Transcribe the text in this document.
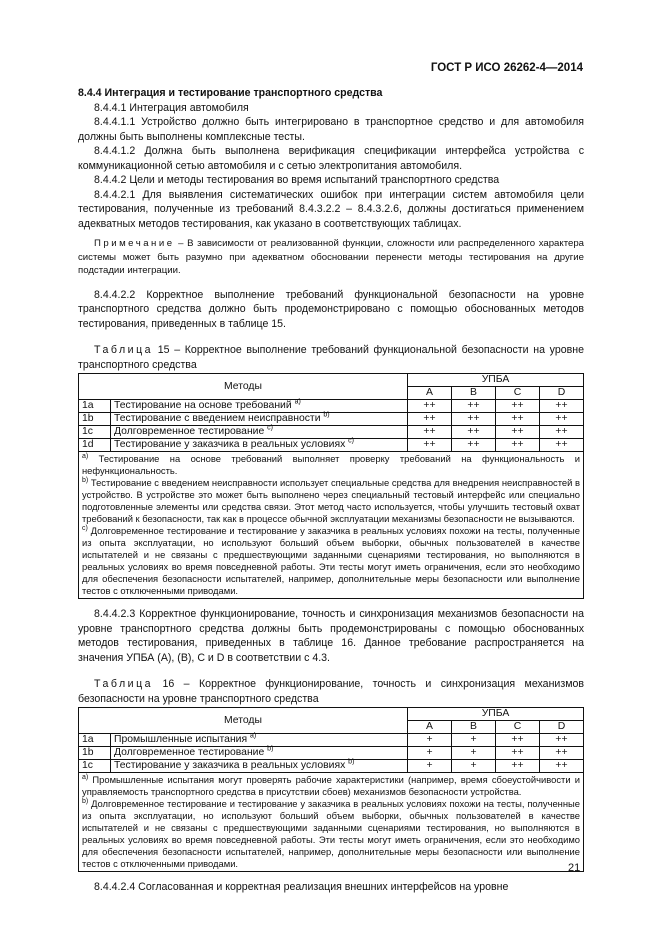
ГОСТ Р ИСО 26262-4—2014

8.4.4 Интеграция и тестирование транспортного средства

8.4.4.1 Интеграция автомобиля

8.4.4.1.1 Устройство должно быть интегрировано в транспортное средство и для автомобиля должны быть выполнены комплексные тесты.

8.4.4.1.2 Должна быть выполнена верификация спецификации интерфейса устройства с коммуникационной сетью автомобиля и с сетью электропитания автомобиля.

8.4.4.2 Цели и методы тестирования во время испытаний транспортного средства

8.4.4.2.1 Для выявления систематических ошибок при интеграции систем автомобиля цели тестирования, полученные из требований 8.4.3.2.2 – 8.4.3.2.6, должны достигаться применением адекватных методов тестирования, как указано в соответствующих таблицах.

Примечание – В зависимости от реализованной функции, сложности или распределенного характера системы может быть разумно при адекватном обосновании перенести методы тестирования на другие подстадии интеграции.

8.4.4.2.2 Корректное выполнение требований функциональной безопасности на уровне транспортного средства должно быть продемонстрировано с помощью обоснованных методов тестирования, приведенных в таблице 15.

Таблица 15 – Корректное выполнение требований функциональной безопасности на уровне транспортного средства

Методы		УПБА			
		A	B	C	D
1a	Тестирование на основе требований $^{a)}$	++	++	++	++
1b	Тестирование с введением неисправности $^{b)}$	++	++	++	++
1c	Долговременное тестирование $^{c)}$	++	++	++	++
1d	Тестирование у заказчика в реальных условиях $^{c)}$	++	++	++	++

$^{a)}$ Тестирование на основе требований выполняет проверку требований на функциональность и нефункциональность.
$^{b)}$ Тестирование с введением неисправности использует специальные средства для внедрения неисправностей в устройство. В устройстве это может быть выполнено через специальный тестовый интерфейс или специально подготовленные элементы или средства связи. Этот метод часто используется, чтобы улучшить тестовый охват требований к безопасности, так как в процессе обычной эксплуатации механизмы безопасности не вызываются.
$^{c)}$ Долговременное тестирование и тестирование у заказчика в реальных условиях похожи на тесты, полученные из опыта эксплуатации, но используют больший объем выборки, обычных пользователей в качестве испытателей и не связаны с предшествующими заданными сценариями тестирования, но выполняются в реальных условиях во время повседневной работы. Эти тесты могут иметь ограничения, если это необходимо для обеспечения безопасности испытателей, например, дополнительные меры безопасности или выполнение тестов с отключенными приводами.					

8.4.4.2.3 Корректное функционирование, точность и синхронизация механизмов безопасности на уровне транспортного средства должны быть продемонстрированы с помощью обоснованных методов тестирования, приведенных в таблице 16. Данное требование распространяется на значения УПБА (A), (B), C и D в соответствии с 4.3.

Таблица 16 – Корректное функционирование, точность и синхронизация механизмов безопасности на уровне транспортного средства

Методы		УПБА			
		A	B	C	D
1a	Промышленные испытания $^{a)}$	+	+	++	++
1b	Долговременное тестирование $^{b)}$	+	+	++	++
1c	Тестирование у заказчика в реальных условиях $^{b)}$	+	+	++	++

$^{a)}$ Промышленные испытания могут проверять рабочие характеристики (например, время сбоеустойчивости и управляемость транспортного средства в присутствии сбоев) механизмов безопасности устройства.
$^{b)}$ Долговременное тестирование и тестирование у заказчика в реальных условиях похожи на тесты, полученные из опыта эксплуатации, но используют больший объем выборки, обычных пользователей в качестве испытателей и не связаны с предшествующими заданными сценариями тестирования, но выполняются в реальных условиях во время повседневной работы. Эти тесты могут иметь ограничения, если это необходимо для обеспечения безопасности испытателей, например, дополнительные меры безопасности или выполнение тестов с отключенными приводами.					

8.4.4.2.4 Согласованная и корректная реализация внешних интерфейсов на уровне

21
